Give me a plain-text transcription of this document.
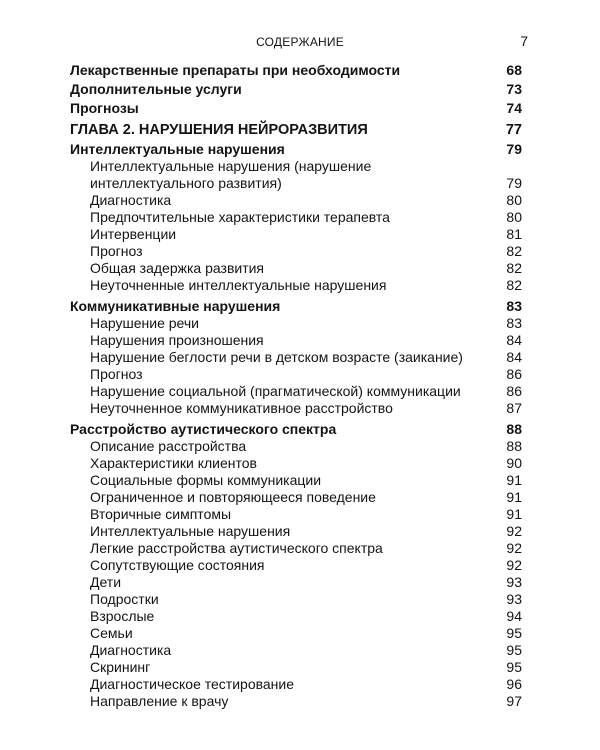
СОДЕРЖАНИЕ	7
Лекарственные препараты при необходимости	68
Дополнительные услуги	73
Прогнозы	74
ГЛАВА 2. НАРУШЕНИЯ НЕЙРОРАЗВИТИЯ	77
Интеллектуальные нарушения	79
Интеллектуальные нарушения (нарушение интеллектуального развития)	79
Диагностика	80
Предпочтительные характеристики терапевта	80
Интервенции	81
Прогноз	82
Общая задержка развития	82
Неуточненные интеллектуальные нарушения	82
Коммуникативные нарушения	83
Нарушение речи	83
Нарушения произношения	84
Нарушение беглости речи в детском возрасте (заикание)	84
Прогноз	86
Нарушение социальной (прагматической) коммуникации	86
Неуточненное коммуникативное расстройство	87
Расстройство аутистического спектра	88
Описание расстройства	88
Характеристики клиентов	90
Социальные формы коммуникации	91
Ограниченное и повторяющееся поведение	91
Вторичные симптомы	91
Интеллектуальные нарушения	92
Легкие расстройства аутистического спектра	92
Сопутствующие состояния	92
Дети	93
Подростки	93
Взрослые	94
Семьи	95
Диагностика	95
Скрининг	95
Диагностическое тестирование	96
Направление к врачу	97
